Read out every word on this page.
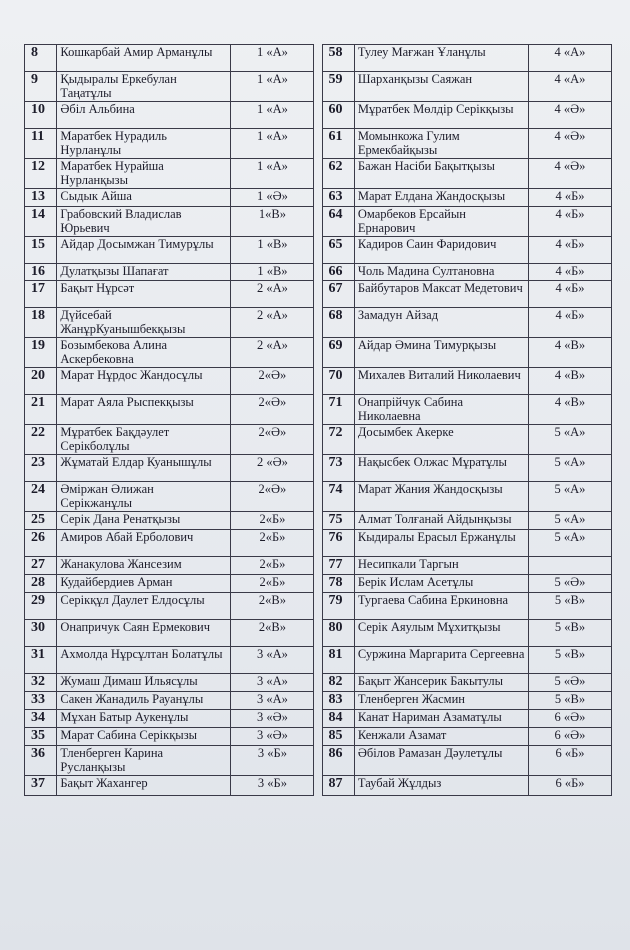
8	Кошкарбай Амир Арманұлы	1 «А»		58	Тулеу Мағжан Ұланұлы	4 «А»
9	Қыдыралы Еркебулан Таңатұлы	1 «А»		59	Шарханқызы Саяжан	4 «А»
10	Әбіл Альбина	1 «А»		60	Мұратбек Мөлдір Серікқызы	4 «Ә»
11	Маратбек Нурадиль Нурланұлы	1 «А»		61	Момынкожа Гулим Ермекбайқызы	4 «Ә»
12	Маратбек Нурайша Нурланқызы	1 «А»		62	Бажан Насіби Бақытқызы	4 «Ә»
13	Сыдык Айша	1 «Ә»		63	Марат Елдана Жандосқызы	4 «Б»
14	Грабовский Владислав Юрьевич	1«В»		64	Омарбеков Ерсайын Ернарович	4 «Б»
15	Айдар Досымжан Тимурұлы	1 «В»		65	Кадиров Саин Фаридович	4 «Б»
16	Дулатқызы Шапағат	1 «В»		66	Чоль Мадина Султановна	4 «Б»
17	Бақыт Нұрсәт	2 «А»		67	Байбутаров Максат Медетович	4 «Б»
18	Дүйсебай ЖанұрКуанышбекқызы	2 «А»		68	Замадун Айзад	4 «Б»
19	Бозымбекова Алина Аскербековна	2 «А»		69	Айдар Әмина Тимурқызы	4 «В»
20	Марат Нұрдос Жандосұлы	2«Ә»		70	Михалев Виталий Николаевич	4 «В»
21	Марат Аяла Рыспекқызы	2«Ә»		71	Онапрійчук Сабина Николаевна	4 «В»
22	Мұратбек Бақдәулет Серікболұлы	2«Ә»		72	Досымбек Акерке	5 «А»
23	Жұматай Елдар Куанышұлы	2 «Ә»		73	Нақысбек Олжас Мұратұлы	5 «А»
24	Әміржан Әлижан Серікжанұлы	2«Ә»		74	Марат Жания Жандосқызы	5 «А»
25	Серік Дана Ренатқызы	2«Б»		75	Алмат Толғанай Айдынқызы	5 «А»
26	Амиров Абай Ерболович	2«Б»		76	Кыдиралы Ерасыл Ержанұлы	5 «А»
27	Жанакулова Жансезим	2«Б»		77	Несипкали Таргын	
28	Кудайбердиев Арман	2«Б»		78	Берік Ислам Асетұлы	5 «Ә»
29	Серікқұл Даулет Елдосұлы	2«В»		79	Тургаева Сабина Еркиновна	5 «В»
30	Онапричук Саян Ермекович	2«В»		80	Серік Аяулым Мұхитқызы	5 «В»
31	Ахмолда Нұрсұлтан Болатұлы	3 «А»		81	Суржина Маргарита Сергеевна	5 «В»
32	Жумаш Димаш Ильясұлы	3 «А»		82	Бақыт Жансерик Бакытулы	5 «Ә»
33	Сакен Жанадиль Рауанұлы	3 «А»		83	Тленберген Жасмин	5 «В»
34	Мұхан Батыр Аукенұлы	3 «Ә»		84	Канат Нариман Азаматұлы	6 «Ә»
35	Марат Сабина Серікқызы	3 «Ә»		85	Кенжали Азамат	6 «Ә»
36	Тленберген Карина Русланқызы	3 «Б»		86	Әбілов Рамазан Дәулетұлы	6 «Б»
37	Бақыт Жахангер	3 «Б»		87	Таубай Жұлдыз	6 «Б»
